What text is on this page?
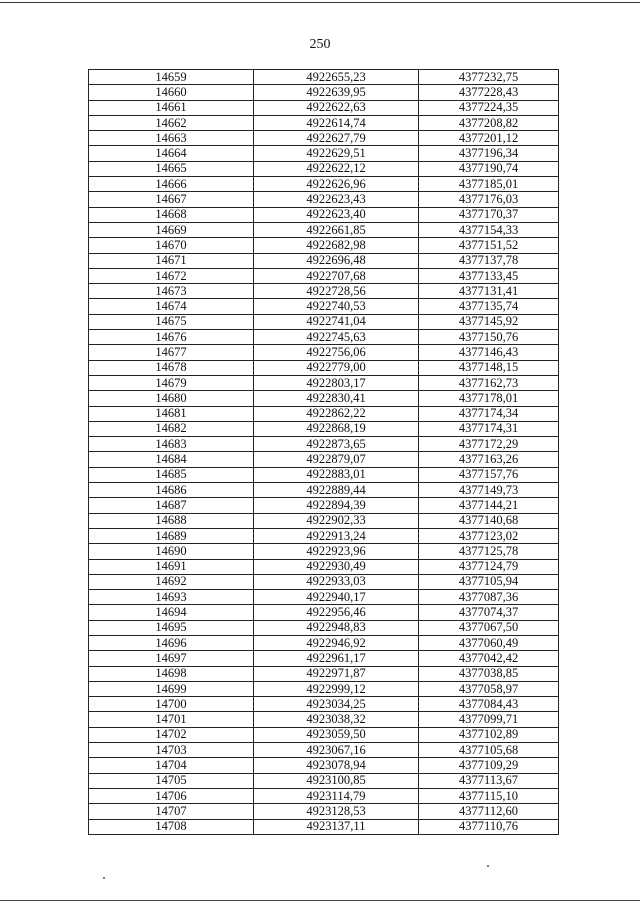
250
14659	4922655,23	4377232,75
14660	4922639,95	4377228,43
14661	4922622,63	4377224,35
14662	4922614,74	4377208,82
14663	4922627,79	4377201,12
14664	4922629,51	4377196,34
14665	4922622,12	4377190,74
14666	4922626,96	4377185,01
14667	4922623,43	4377176,03
14668	4922623,40	4377170,37
14669	4922661,85	4377154,33
14670	4922682,98	4377151,52
14671	4922696,48	4377137,78
14672	4922707,68	4377133,45
14673	4922728,56	4377131,41
14674	4922740,53	4377135,74
14675	4922741,04	4377145,92
14676	4922745,63	4377150,76
14677	4922756,06	4377146,43
14678	4922779,00	4377148,15
14679	4922803,17	4377162,73
14680	4922830,41	4377178,01
14681	4922862,22	4377174,34
14682	4922868,19	4377174,31
14683	4922873,65	4377172,29
14684	4922879,07	4377163,26
14685	4922883,01	4377157,76
14686	4922889,44	4377149,73
14687	4922894,39	4377144,21
14688	4922902,33	4377140,68
14689	4922913,24	4377123,02
14690	4922923,96	4377125,78
14691	4922930,49	4377124,79
14692	4922933,03	4377105,94
14693	4922940,17	4377087,36
14694	4922956,46	4377074,37
14695	4922948,83	4377067,50
14696	4922946,92	4377060,49
14697	4922961,17	4377042,42
14698	4922971,87	4377038,85
14699	4922999,12	4377058,97
14700	4923034,25	4377084,43
14701	4923038,32	4377099,71
14702	4923059,50	4377102,89
14703	4923067,16	4377105,68
14704	4923078,94	4377109,29
14705	4923100,85	4377113,67
14706	4923114,79	4377115,10
14707	4923128,53	4377112,60
14708	4923137,11	4377110,76
